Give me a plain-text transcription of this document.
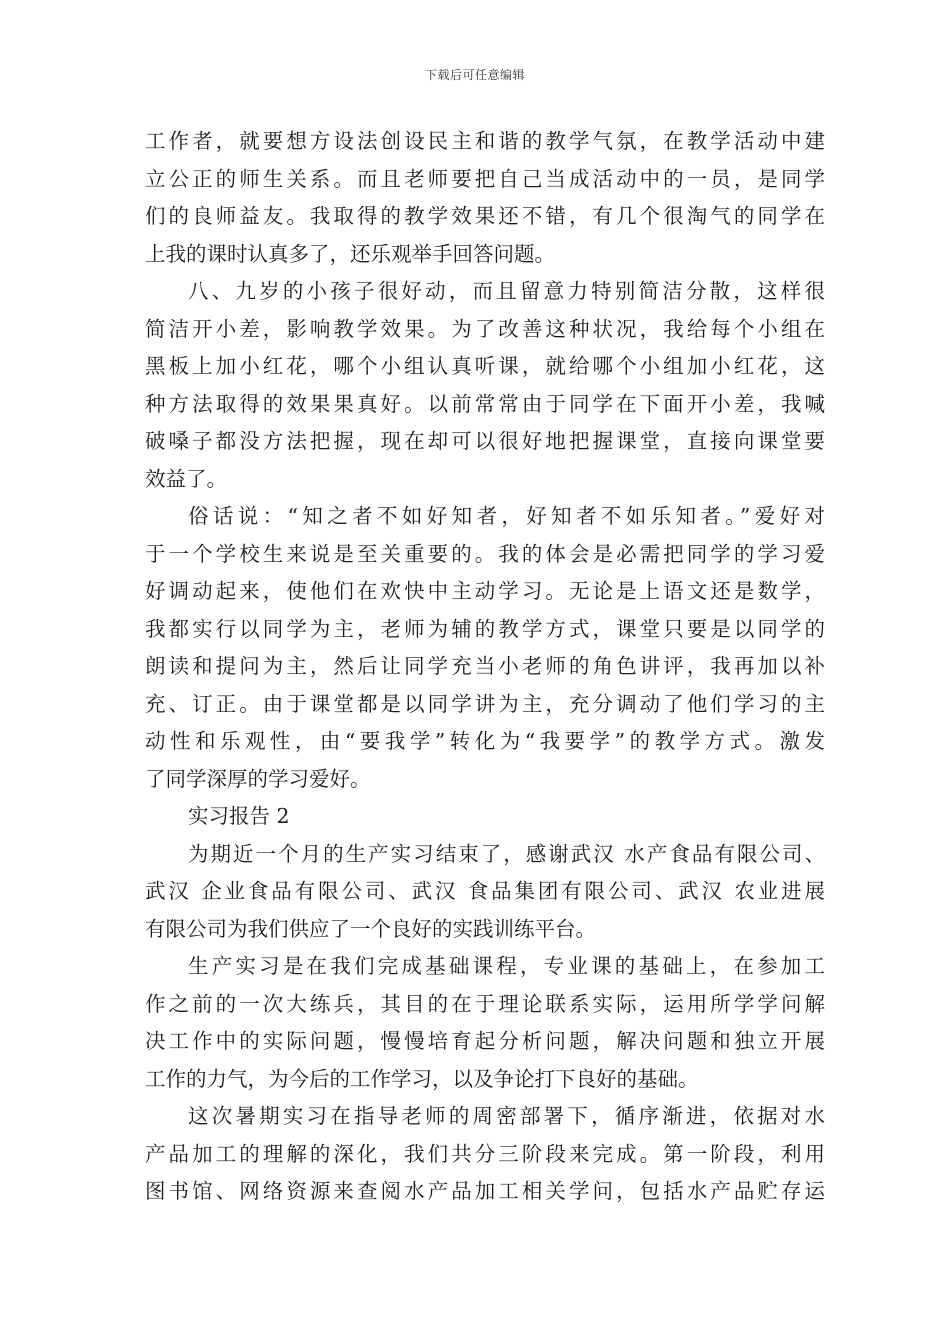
下载后可任意编辑
工作者，就要想方设法创设民主和谐的教学气氛，在教学活动中建
立公正的师生关系。而且老师要把自己当成活动中的一员，是同学
们的良师益友。我取得的教学效果还不错，有几个很淘气的同学在
上我的课时认真多了，还乐观举手回答问题。
八、九岁的小孩子很好动，而且留意力特别简洁分散，这样很
简洁开小差，影响教学效果。为了改善这种状况，我给每个小组在
黑板上加小红花，哪个小组认真听课，就给哪个小组加小红花，这
种方法取得的效果果真好。以前常常由于同学在下面开小差，我喊
破嗓子都没方法把握，现在却可以很好地把握课堂，直接向课堂要
效益了。
俗话说：“知之者不如好知者，好知者不如乐知者。”爱好对
于一个学校生来说是至关重要的。我的体会是必需把同学的学习爱
好调动起来，使他们在欢快中主动学习。无论是上语文还是数学，
我都实行以同学为主，老师为辅的教学方式，课堂只要是以同学的
朗读和提问为主，然后让同学充当小老师的角色讲评，我再加以补
充、订正。由于课堂都是以同学讲为主，充分调动了他们学习的主
动性和乐观性，由“要我学”转化为“我要学”的教学方式。激发
了同学深厚的学习爱好。
实习报告 2
为期近一个月的生产实习结束了，感谢武汉 水产食品有限公司、
武汉 企业食品有限公司、武汉 食品集团有限公司、武汉 农业进展
有限公司为我们供应了一个良好的实践训练平台。
生产实习是在我们完成基础课程，专业课的基础上，在参加工
作之前的一次大练兵，其目的在于理论联系实际，运用所学学问解
决工作中的实际问题，慢慢培育起分析问题，解决问题和独立开展
工作的力气，为今后的工作学习，以及争论打下良好的基础。
这次暑期实习在指导老师的周密部署下，循序渐进，依据对水
产品加工的理解的深化，我们共分三阶段来完成。第一阶段，利用
图书馆、网络资源来查阅水产品加工相关学问，包括水产品贮存运
